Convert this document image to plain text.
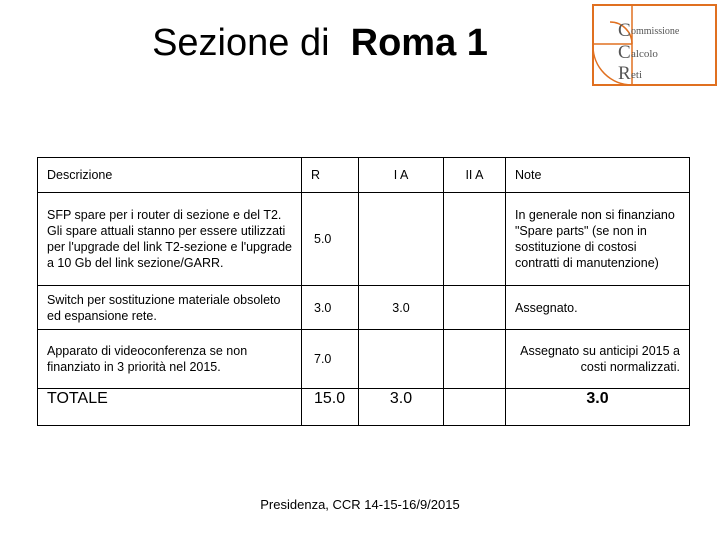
Sezione di Roma 1	C
C
R
ommissione
alcolo
eti
Descrizione	R	I A	II A	Note
SFP spare per i router di sezione e del T2. Gli spare attuali stanno per essere utilizzati per l'upgrade del link T2-sezione e l'upgrade a 10 Gb del link sezione/GARR.	5.0			In generale non si finanziano "Spare parts" (se non in sostituzione di costosi contratti di manutenzione)
Switch per sostituzione materiale obsoleto ed espansione rete.	3.0	3.0		Assegnato.
Apparato di videoconferenza se non finanziato in 3 priorità nel 2015.	7.0			Assegnato su anticipi 2015 a costi normalizzati.
TOTALE	15.0	3.0		3.0
Presidenza, CCR 14-15-16/9/2015
